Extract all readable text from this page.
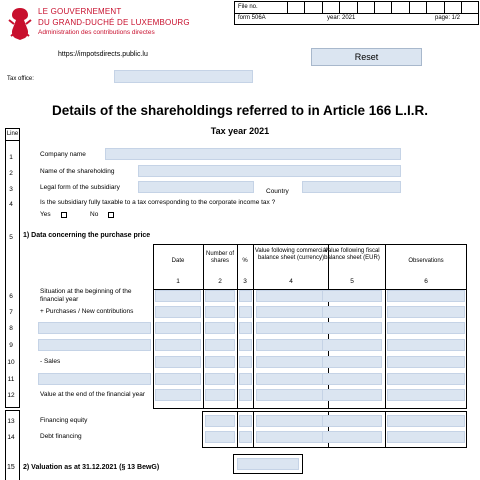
LE GOUVERNEMENT
DU GRAND-DUCHÉ DE LUXEMBOURG
Administration des contributions directes
https://impotsdirects.public.lu
File no.
form 506A	year: 2021	page: 1/2
Reset
Tax office:
Details of the shareholdings referred to in Article 166 L.I.R.
Tax year 2021
Line
1	Company name
2	Name of the shareholding
3	Legal form of the subsidiary
Country
4	Is the subsidiary fully taxable to a tax corresponding to the corporate income tax ?
Yes	No
5	1) Data concerning the purchase price
Date
Number of shares	%
Value following commercial balance sheet (currency)
Value following fiscal balance sheet (EUR)	Observations
1	2	3	4	5	6
6
Situation at the beginning of the financial year
7	+ Purchases / New contributions
8
9
10	- Sales
11
12	Value at the end of the financial year
13	Financing equity
14	Debt financing
15 2) Valuation as at 31.12.2021 (§ 13 BewG)
